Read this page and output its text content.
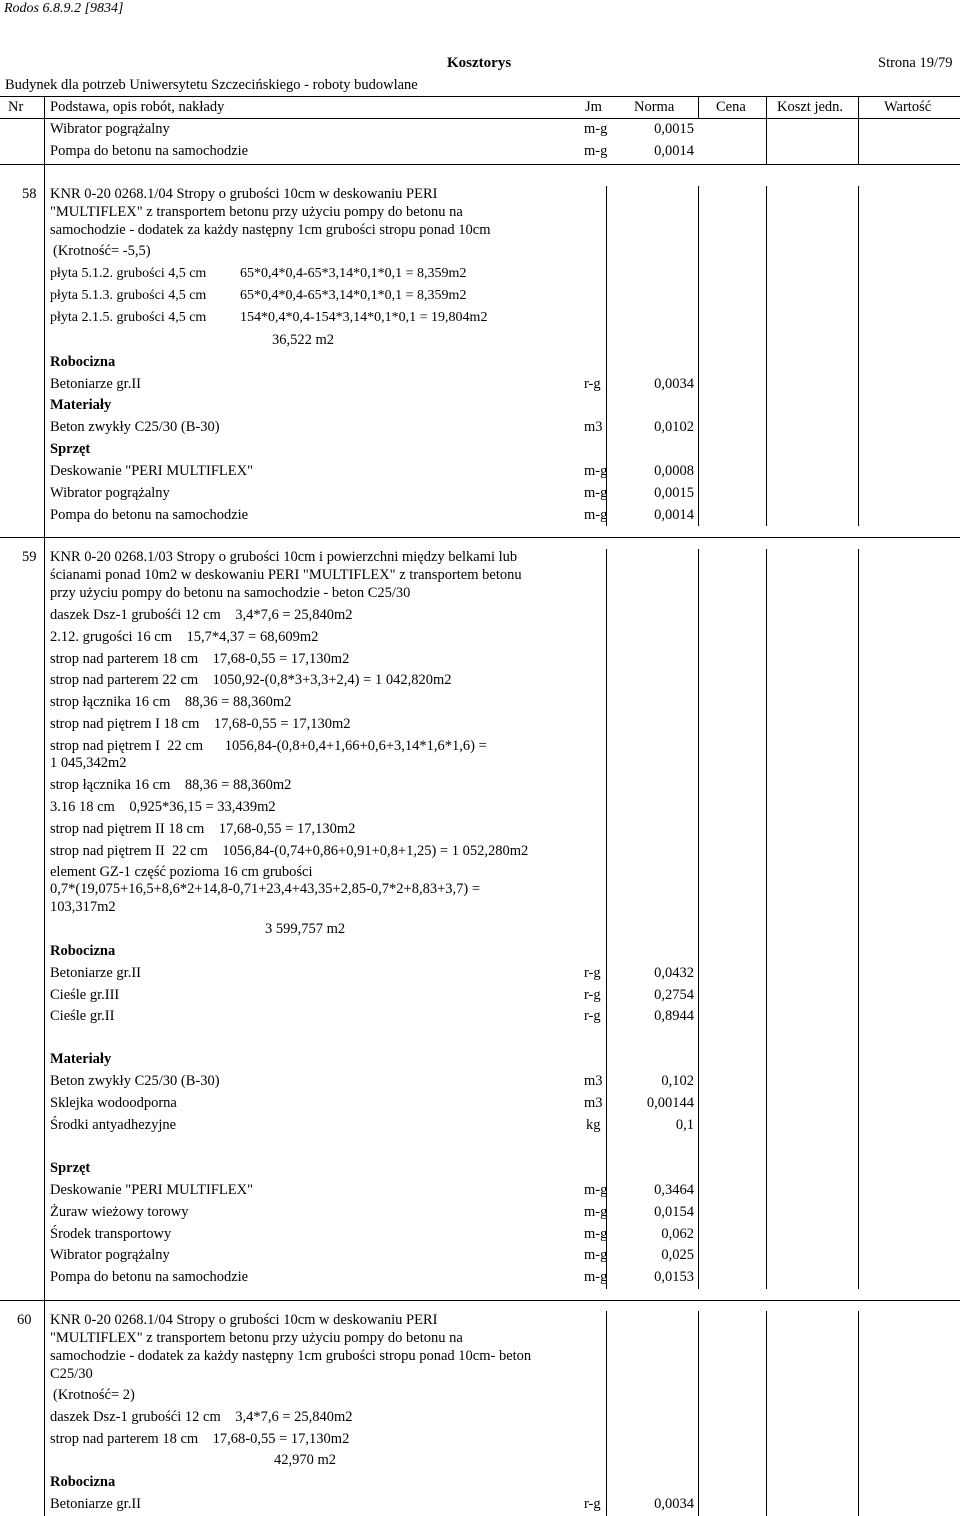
Rodos 6.8.9.2 [9834]
Kosztorys	Strona 19/79
Budynek dla potrzeb Uniwersytetu Szczecińskiego - roboty budowlane
Nr Podstawa, opis robót, nakłady	Jm Norma	Cena Koszt jedn.	Wartość
Wibrator pogrążalny	m-g	0,0015
Pompa do betonu na samochodzie	m-g	0,0014
58 KNR 0-20 0268.1/04 Stropy o grubości 10cm w deskowaniu PERI
"MULTIFLEX" z transportem betonu przy użyciu pompy do betonu na
samochodzie - dodatek za każdy następny 1cm grubości stropu ponad 10cm
(Krotność= -5,5)
płyta 5.1.2. grubości 4,5 cm 65*0,4*0,4-65*3,14*0,1*0,1 = 8,359m2
płyta 5.1.3. grubości 4,5 cm 65*0,4*0,4-65*3,14*0,1*0,1 = 8,359m2
płyta 2.1.5. grubości 4,5 cm 154*0,4*0,4-154*3,14*0,1*0,1 = 19,804m2
36,522 m2
Robocizna
Betoniarze gr.II	r-g	0,0034
Materiały
Beton zwykły C25/30 (B-30)	m3	0,0102
Sprzęt
Deskowanie "PERI MULTIFLEX"	m-g	0,0008
Wibrator pogrążalny	m-g	0,0015
Pompa do betonu na samochodzie	m-g	0,0014
59 KNR 0-20 0268.1/03 Stropy o grubości 10cm i powierzchni między belkami lub
ścianami ponad 10m2 w deskowaniu PERI "MULTIFLEX" z transportem betonu
przy użyciu pompy do betonu na samochodzie - beton C25/30
daszek Dsz-1 grubośći 12 cm    3,4*7,6 = 25,840m2
2.12. grugości 16 cm    15,7*4,37 = 68,609m2
strop nad parterem 18 cm    17,68-0,55 = 17,130m2
strop nad parterem 22 cm    1050,92-(0,8*3+3,3+2,4) = 1 042,820m2
strop łącznika 16 cm    88,36 = 88,360m2
strop nad piętrem I 18 cm    17,68-0,55 = 17,130m2
strop nad piętrem I  22 cm      1056,84-(0,8+0,4+1,66+0,6+3,14*1,6*1,6) =
1 045,342m2
strop łącznika 16 cm    88,36 = 88,360m2
3.16 18 cm    0,925*36,15 = 33,439m2
strop nad piętrem II 18 cm    17,68-0,55 = 17,130m2
strop nad piętrem II  22 cm    1056,84-(0,74+0,86+0,91+0,8+1,25) = 1 052,280m2
element GZ-1 część pozioma 16 cm grubości
0,7*(19,075+16,5+8,6*2+14,8-0,71+23,4+43,35+2,85-0,7*2+8,83+3,7) =
103,317m2
3 599,757 m2
Robocizna
Betoniarze gr.II	r-g	0,0432
Cieśle gr.III	r-g	0,2754
Cieśle gr.II	r-g	0,8944
Materiały
Beton zwykły C25/30 (B-30)	m3	0,102
Sklejka wodoodporna	m3	0,00144
Środki antyadhezyjne	kg	0,1
Sprzęt
Deskowanie "PERI MULTIFLEX"	m-g	0,3464
Żuraw wieżowy torowy	m-g	0,0154
Środek transportowy	m-g	0,062
Wibrator pogrążalny	m-g	0,025
Pompa do betonu na samochodzie	m-g	0,0153
60 KNR 0-20 0268.1/04 Stropy o grubości 10cm w deskowaniu PERI
"MULTIFLEX" z transportem betonu przy użyciu pompy do betonu na
samochodzie - dodatek za każdy następny 1cm grubości stropu ponad 10cm- beton
C25/30
(Krotność= 2)
daszek Dsz-1 grubośći 12 cm    3,4*7,6 = 25,840m2
strop nad parterem 18 cm    17,68-0,55 = 17,130m2
42,970 m2
Robocizna
Betoniarze gr.II	r-g	0,0034
